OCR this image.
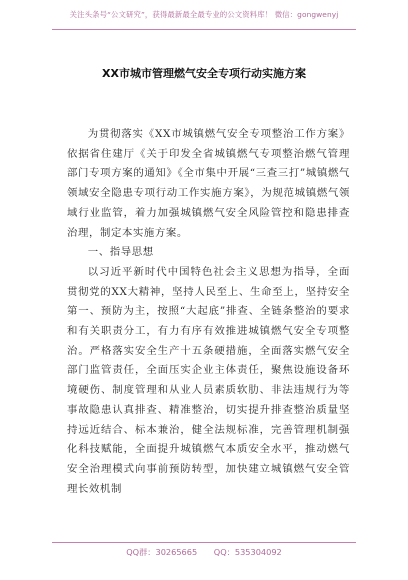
关注头条号“公文研究”，获得最新最全最专业的公文资料库！ 微信：gongwenyj
XX市城市管理燃气安全专项行动实施方案

为贯彻落实《XX市城镇燃气安全专项整治工作方案》依据省住建厅《关于印发全省城镇燃气专项整治燃气管理部门专项方案的通知》《全市集中开展“三查三打”城镇燃气领域安全隐患专项行动工作实施方案》，为规范城镇燃气领域行业监管，着力加强城镇燃气安全风险管控和隐患排查治理，制定本实施方案。

一、指导思想

以习近平新时代中国特色社会主义思想为指导，全面贯彻党的XX大精神，坚持人民至上、生命至上，坚持安全第一、预防为主，按照“大起底”排查、全链条整治的要求和有关职责分工，有力有序有效推进城镇燃气安全专项整治。严格落实安全生产十五条硬措施，全面落实燃气安全部门监管责任，全面压实企业主体责任，聚焦设施设备环境硬伤、制度管理和从业人员素质软肋、非法违规行为等事故隐患认真排查、精准整治，切实提升排查整治质量坚持远近结合、标本兼治，健全法规标准，完善管理机制强化科技赋能，全面提升城镇燃气本质安全水平，推动燃气安全治理模式向事前预防转型，加快建立城镇燃气安全管理长效机制

QQ群：30265665 QQ：535304092
